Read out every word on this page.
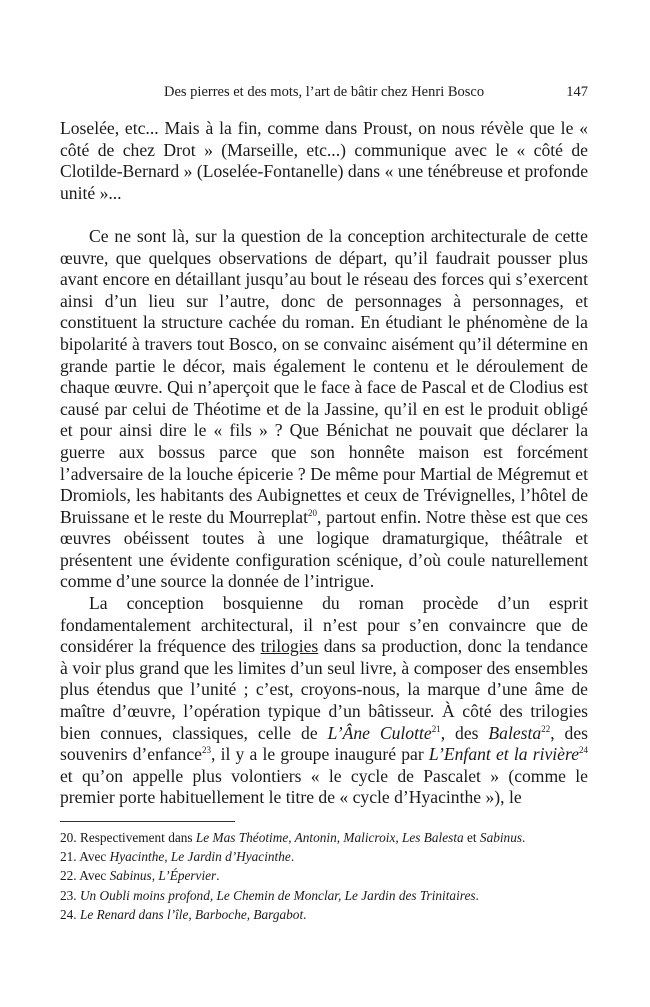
Des pierres et des mots, l’art de bâtir chez Henri Bosco	147

Loselée, etc... Mais à la fin, comme dans Proust, on nous révèle que le « côté de chez Drot » (Marseille, etc...) communique avec le « côté de Clotilde-Bernard » (Loselée-Fontanelle) dans « une ténébreuse et profonde unité »...

Ce ne sont là, sur la question de la conception architecturale de cette œuvre, que quelques observations de départ, qu’il faudrait pousser plus avant encore en détaillant jusqu’au bout le réseau des forces qui s’exercent ainsi d’un lieu sur l’autre, donc de personnages à personnages, et constituent la structure cachée du roman. En étudiant le phénomène de la bipolarité à travers tout Bosco, on se convainc aisément qu’il détermine en grande partie le décor, mais également le contenu et le déroulement de chaque œuvre. Qui n’aperçoit que le face à face de Pascal et de Clodius est causé par celui de Théotime et de la Jassine, qu’il en est le produit obligé et pour ainsi dire le « fils » ? Que Bénichat ne pouvait que déclarer la guerre aux bossus parce que son honnête maison est forcément l’adversaire de la louche épicerie ? De même pour Martial de Mégremut et Dromiols, les habitants des Aubignettes et ceux de Trévignelles, l’hôtel de Bruissane et le reste du Mourreplat$^{20}$, partout enfin. Notre thèse est que ces œuvres obéissent toutes à une logique dramaturgique, théâtrale et présentent une évidente configuration scénique, d’où coule naturellement comme d’une source la donnée de l’intrigue.

La conception bosquienne du roman procède d’un esprit fondamentalement architectural, il n’est pour s’en convaincre que de considérer la fréquence des trilogies dans sa production, donc la tendance à voir plus grand que les limites d’un seul livre, à composer des ensembles plus étendus que l’unité ; c’est, croyons-nous, la marque d’une âme de maître d’œuvre, l’opération typique d’un bâtisseur. À côté des trilogies bien connues, classiques, celle de L’Âne Culotte$^{21}$, des Balesta$^{22}$, des souvenirs d’enfance$^{23}$, il y a le groupe inauguré par L’Enfant et la rivière$^{24}$ et qu’on appelle plus volontiers « le cycle de Pascalet » (comme le premier porte habituellement le titre de « cycle d’Hyacinthe »), le

20. Respectivement dans Le Mas Théotime, Antonin, Malicroix, Les Balesta et Sabinus.
21. Avec Hyacinthe, Le Jardin d’Hyacinthe.
22. Avec Sabinus, L’Épervier.
23. Un Oubli moins profond, Le Chemin de Monclar, Le Jardin des Trinitaires.
24. Le Renard dans l’île, Barboche, Bargabot.
